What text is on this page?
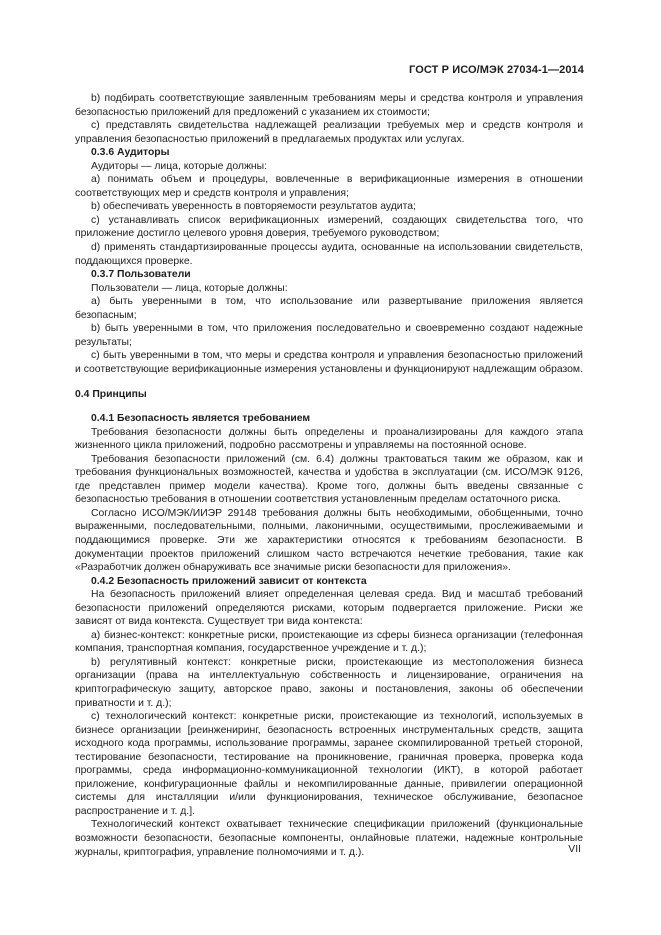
ГОСТ Р ИСО/МЭК 27034-1—2014

b) подбирать соответствующие заявленным требованиям меры и средства контроля и управления безопасностью приложений для предложений с указанием их стоимости;

c) представлять свидетельства надлежащей реализации требуемых мер и средств контроля и управления безопасностью приложений в предлагаемых продуктах или услугах.

0.3.6 Аудиторы

Аудиторы — лица, которые должны:

a) понимать объем и процедуры, вовлеченные в верификационные измерения в отношении соответствующих мер и средств контроля и управления;

b) обеспечивать уверенность в повторяемости результатов аудита;

c) устанавливать список верификационных измерений, создающих свидетельства того, что приложение достигло целевого уровня доверия, требуемого руководством;

d) применять стандартизированные процессы аудита, основанные на использовании свидетельств, поддающихся проверке.

0.3.7 Пользователи

Пользователи — лица, которые должны:

a) быть уверенными в том, что использование или развертывание приложения является безопасным;

b) быть уверенными в том, что приложения последовательно и своевременно создают надежные результаты;

c) быть уверенными в том, что меры и средства контроля и управления безопасностью приложений и соответствующие верификационные измерения установлены и функционируют надлежащим образом.

0.4 Принципы

0.4.1 Безопасность является требованием

Требования безопасности должны быть определены и проанализированы для каждого этапа жизненного цикла приложений, подробно рассмотрены и управляемы на постоянной основе.

Требования безопасности приложений (см. 6.4) должны трактоваться таким же образом, как и требования функциональных возможностей, качества и удобства в эксплуатации (см. ИСО/МЭК 9126, где представлен пример модели качества). Кроме того, должны быть введены связанные с безопасностью требования в отношении соответствия установленным пределам остаточного риска.

Согласно ИСО/МЭК/ИИЭР 29148 требования должны быть необходимыми, обобщенными, точно выраженными, последовательными, полными, лаконичными, осуществимыми, прослеживаемыми и поддающимися проверке. Эти же характеристики относятся к требованиям безопасности. В документации проектов приложений слишком часто встречаются нечеткие требования, такие как «Разработчик должен обнаруживать все значимые риски безопасности для приложения».

0.4.2 Безопасность приложений зависит от контекста

На безопасность приложений влияет определенная целевая среда. Вид и масштаб требований безопасности приложений определяются рисками, которым подвергается приложение. Риски же зависят от вида контекста. Существует три вида контекста:

a) бизнес-контекст: конкретные риски, проистекающие из сферы бизнеса организации (телефонная компания, транспортная компания, государственное учреждение и т. д.);

b) регулятивный контекст: конкретные риски, проистекающие из местоположения бизнеса организации (права на интеллектуальную собственность и лицензирование, ограничения на криптографическую защиту, авторское право, законы и постановления, законы об обеспечении приватности и т. д.);

c) технологический контекст: конкретные риски, проистекающие из технологий, используемых в бизнесе организации [реинжениринг, безопасность встроенных инструментальных средств, защита исходного кода программы, использование программы, заранее скомпилированной третьей стороной, тестирование безопасности, тестирование на проникновение, граничная проверка, проверка кода программы, среда информационно-коммуникационной технологии (ИКТ), в которой работает приложение, конфигурационные файлы и некомпилированные данные, привилегии операционной системы для инсталляции и/или функционирования, техническое обслуживание, безопасное распространение и т. д.].

Технологический контекст охватывает технические спецификации приложений (функциональные возможности безопасности, безопасные компоненты, онлайновые платежи, надежные контрольные журналы, криптография, управление полномочиями и т. д.).	VII
